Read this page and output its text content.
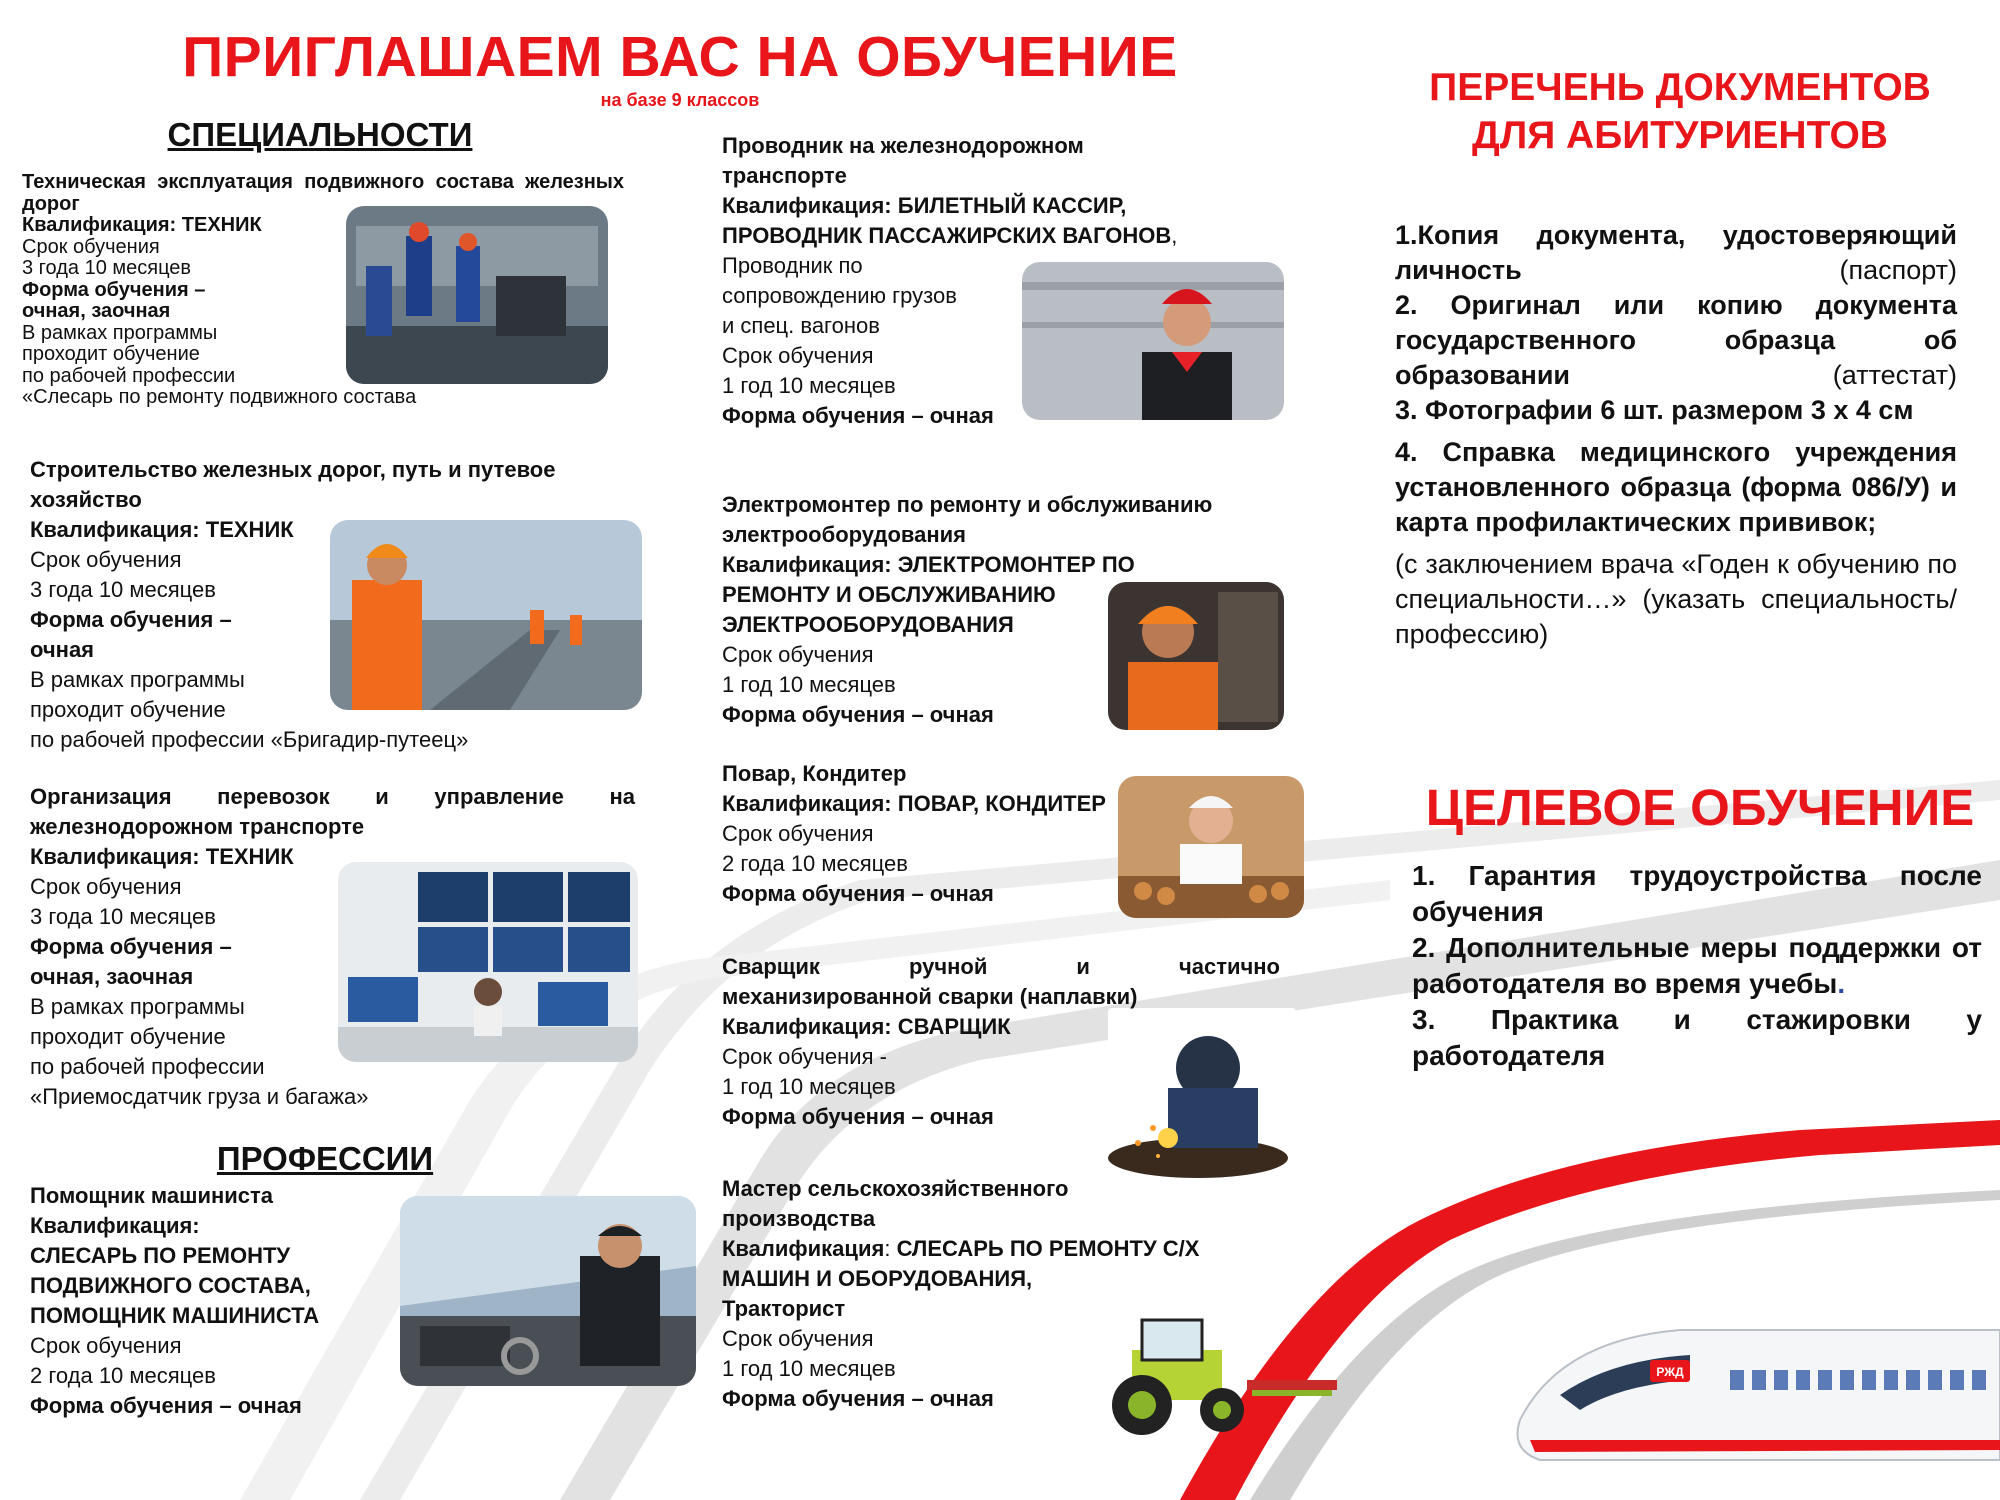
ПРИГЛАШАЕМ ВАС НА ОБУЧЕНИЕ
на базе 9 классов
СПЕЦИАЛЬНОСТИ

Техническая эксплуатация подвижного состава железных дорог

Квалификация: ТЕХНИК

Срок обучения

3 года 10 месяцев

Форма обучения –

очная, заочная

В рамках программы

проходит обучение

по рабочей профессии

«Слесарь по ремонту подвижного состава

Строительство железных дорог, путь и путевое хозяйство

Квалификация: ТЕХНИК

Срок обучения

3 года 10 месяцев

Форма обучения –

очная

В рамках программы

проходит обучение

по рабочей профессии «Бригадир-путеец»

Организация перевозок и управление на железнодорожном транспорте

Квалификация: ТЕХНИК

Срок обучения

3 года 10 месяцев

Форма обучения –

очная, заочная

В рамках программы

проходит обучение

по рабочей профессии

«Приемосдатчик груза и багажа»

ПРОФЕССИИ

Помощник машиниста

Квалификация:

СЛЕСАРЬ ПО РЕМОНТУ

ПОДВИЖНОГО СОСТАВА,

ПОМОЩНИК МАШИНИСТА

Срок обучения

2 года 10 месяцев

Форма обучения – очная

Проводник на железнодорожном

транспорте

Квалификация: БИЛЕТНЫЙ КАССИР,

ПРОВОДНИК ПАССАЖИРСКИХ ВАГОНОВ,

Проводник по

сопровождению грузов

и спец. вагонов

Срок обучения

1 год 10 месяцев

Форма обучения – очная

Электромонтер по ремонту и обслуживанию

электрооборудования

Квалификация: ЭЛЕКТРОМОНТЕР ПО

РЕМОНТУ И ОБСЛУЖИВАНИЮ

ЭЛЕКТРООБОРУДОВАНИЯ

Срок обучения

1 год 10 месяцев

Форма обучения – очная

Повар, Кондитер

Квалификация: ПОВАР, КОНДИТЕР

Срок обучения

2 года 10 месяцев

Форма обучения – очная

Сварщик ручной и частично

механизированной сварки (наплавки)

Квалификация: СВАРЩИК

Срок обучения -

1 год 10 месяцев

Форма обучения – очная

Мастер сельскохозяйственного

производства

Квалификация: СЛЕСАРЬ ПО РЕМОНТУ С/Х

МАШИН И ОБОРУДОВАНИЯ,

Тракторист

Срок обучения

1 год 10 месяцев

Форма обучения – очная

ПЕРЕЧЕНЬ ДОКУМЕНТОВ
ДЛЯ АБИТУРИЕНТОВ

1.Копия документа, удостоверяющий личность	(паспорт)

2. Оригинал или копию документа государственного образца об образовании	(аттестат)

3. Фотографии 6 шт. размером 3 х 4 см

4. Справка медицинского учреждения установленного образца (форма 086/У) и карта профилактических прививок;

(с заключением врача «Годен к обучению по специальности…» (указать специальность/ профессию)

ЦЕЛЕВОЕ ОБУЧЕНИЕ

1. Гарантия трудоустройства после обучения

2. Дополнительные меры поддержки от работодателя во время учебы.

3. Практика и стажировки у работодателя

РЖД
